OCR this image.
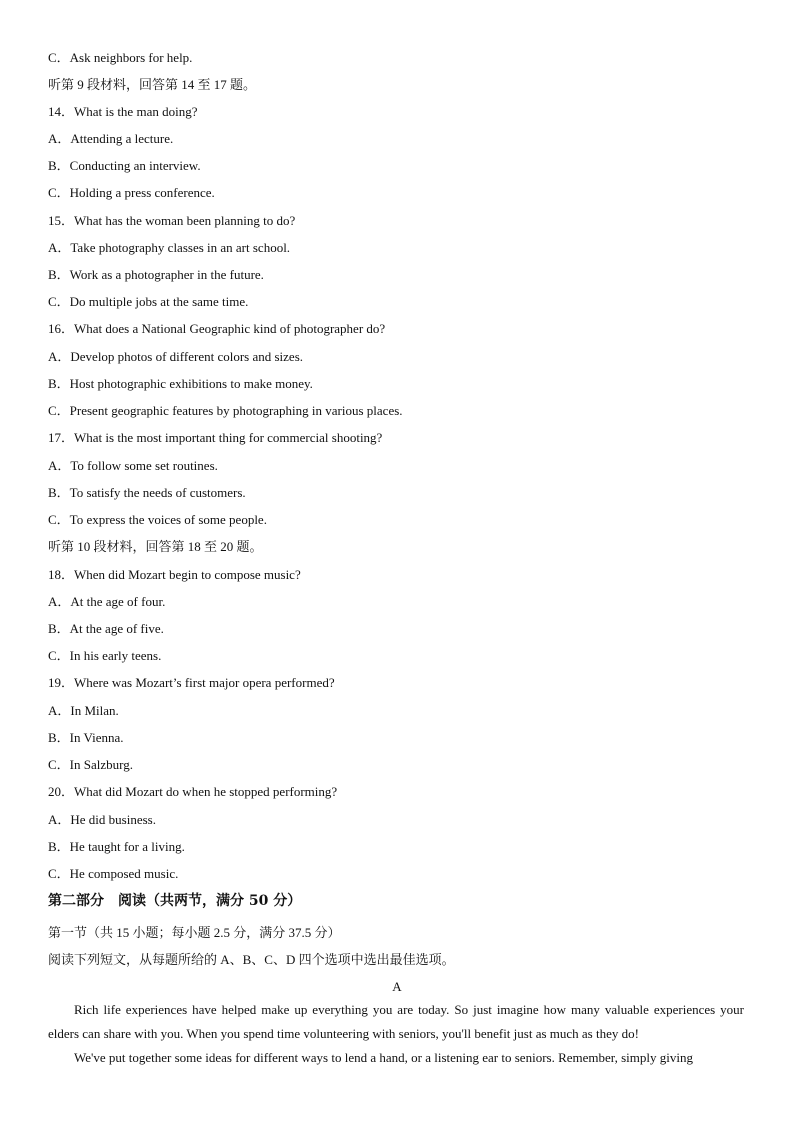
C．Ask neighbors for help.
听第 9 段材料，回答第 14 至 17 题。
14．What is the man doing?
A．Attending a lecture.
B．Conducting an interview.
C．Holding a press conference.
15．What has the woman been planning to do?
A．Take photography classes in an art school.
B．Work as a photographer in the future.
C．Do multiple jobs at the same time.
16．What does a National Geographic kind of photographer do?
A．Develop photos of different colors and sizes.
B．Host photographic exhibitions to make money.
C．Present geographic features by photographing in various places.
17．What is the most important thing for commercial shooting?
A．To follow some set routines.
B．To satisfy the needs of customers.
C．To express the voices of some people.
听第 10 段材料，回答第 18 至 20 题。
18．When did Mozart begin to compose music?
A．At the age of four.
B．At the age of five.
C．In his early teens.
19．Where was Mozart’s first major opera performed?
A．In Milan.
B．In Vienna.
C．In Salzburg.
20．What did Mozart do when he stopped performing?
A．He did business.
B．He taught for a living.
C．He composed music.
第二部分　阅读（共两节，满分 50 分）
第一节（共 15 小题；每小题 2.5 分，满分 37.5 分）
阅读下列短文，从每题所给的 A、B、C、D 四个选项中选出最佳选项。
A
Rich life experiences have helped make up everything you are today. So just imagine how many valuable experiences your elders can share with you. When you spend time volunteering with seniors, you'll benefit just as much as they do!
We've put together some ideas for different ways to lend a hand, or a listening ear to seniors. Remember, simply giving
